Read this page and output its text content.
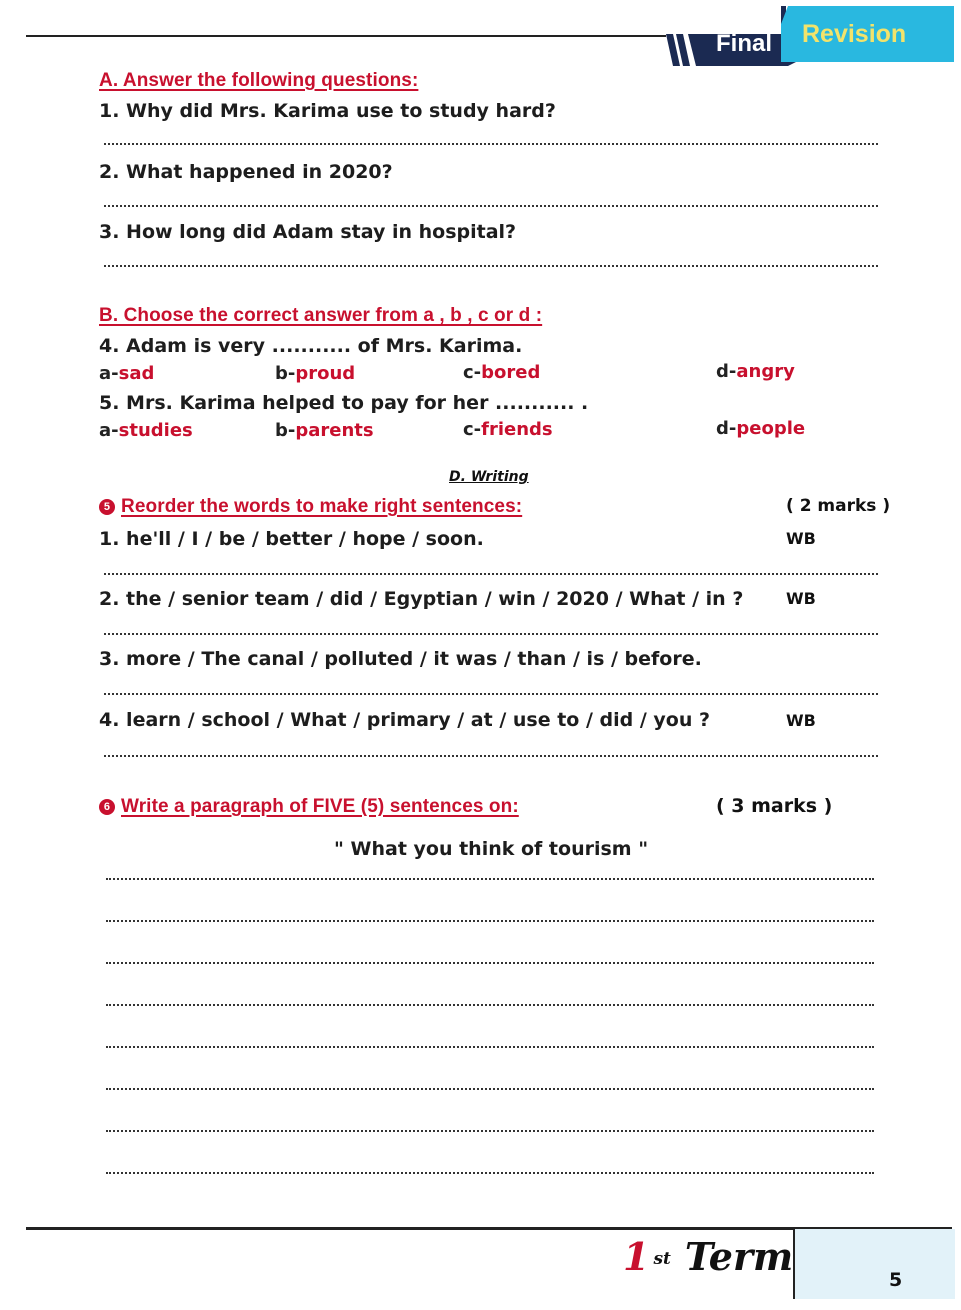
Final Revision
A. Answer the following questions:
1. Why did Mrs. Karima use to study hard?
2. What happened in 2020?
3. How long did Adam stay in hospital?
B. Choose the correct answer from a , b , c or d :
4. Adam is very ........... of Mrs. Karima.
a-sad	b-proud	c-bored	d-angry
5. Mrs. Karima helped to pay for her ........... .
a-studies	b-parents	c-friends	d-people
D. Writing
5 Reorder the words to make right sentences:	( 2 marks )
1. he'll / I / be / better / hope / soon.	WB
2. the / senior team / did / Egyptian / win / 2020 / What / in ?	WB
3. more / The canal / polluted / it was / than / is / before.
4. learn / school / What / primary / at / use to / did / you ?	WB
6 Write a paragraph of FIVE (5) sentences on:	( 3 marks )
" What you think of tourism "
1 $^{st}$ Term
5
